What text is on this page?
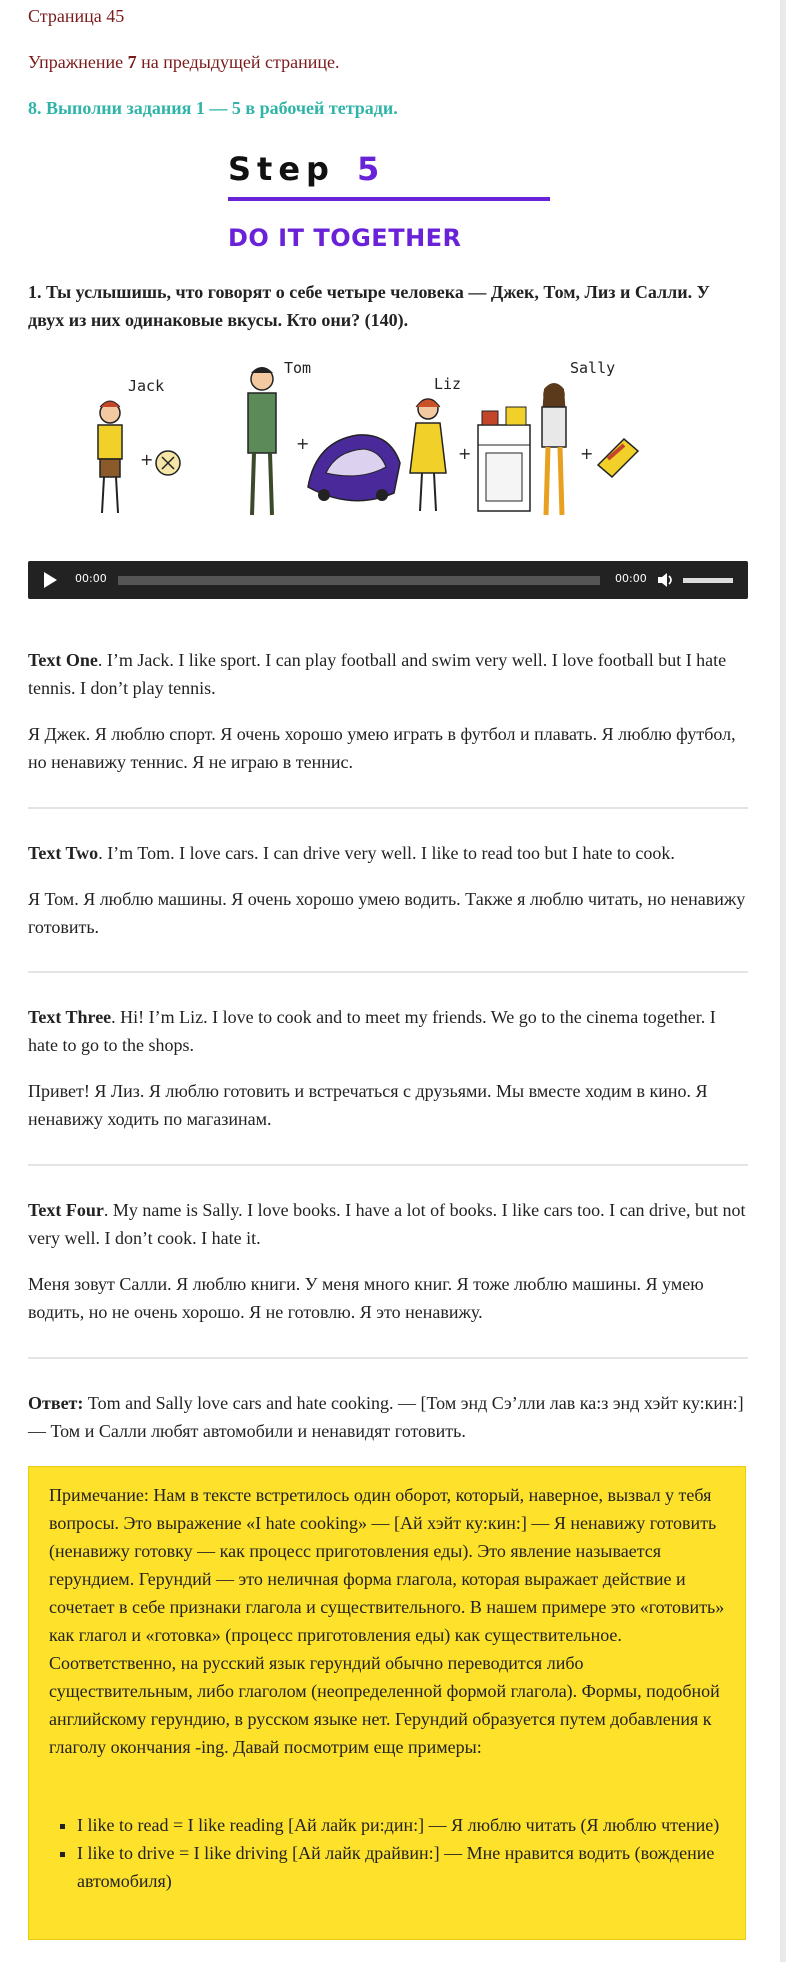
Страница 45

Упражнение 7 на предыдущей странице.

8. Выполни задания 1 — 5 в рабочей тетради.

Step 5
DO IT TOGETHER

1. Ты услышишь, что говорят о себе четыре человека — Джек, Том, Лиз и Салли. У двух из них одинаковые вкусы. Кто они? (140).

Jack
+
Tom
+
Liz
+
Sally
+
00:00	00:00

Text One. I’m Jack. I like sport. I can play football and swim very well. I love football but I hate tennis. I don’t play tennis.

Я Джек. Я люблю спорт. Я очень хорошо умею играть в футбол и плавать. Я люблю футбол, но ненавижу теннис. Я не играю в теннис.

Text Two. I’m Tom. I love cars. I can drive very well. I like to read too but I hate to cook.

Я Том. Я люблю машины. Я очень хорошо умею водить. Также я люблю читать, но ненавижу готовить.

Text Three. Hi! I’m Liz. I love to cook and to meet my friends. We go to the cinema together. I hate to go to the shops.

Привет! Я Лиз. Я люблю готовить и встречаться с друзьями. Мы вместе ходим в кино. Я ненавижу ходить по магазинам.

Text Four. My name is Sally. I love books. I have a lot of books. I like cars too. I can drive, but not very well. I don’t cook. I hate it.

Меня зовут Салли. Я люблю книги. У меня много книг. Я тоже люблю машины. Я умею водить, но не очень хорошо. Я не готовлю. Я это ненавижу.

Ответ: Tom and Sally love cars and hate cooking. — [Том энд Сэ’лли лав ка:з энд хэйт ку:кин:] — Том и Салли любят автомобили и ненавидят готовить.

Примечание: Нам в тексте встретилось один оборот, который, наверное, вызвал у тебя вопросы. Это выражение «I hate cooking» — [Ай хэйт ку:кин:] — Я ненавижу готовить (ненавижу готовку — как процесс приготовления еды). Это явление называется герундием. Герундий — это неличная форма глагола, которая выражает действие и сочетает в себе признаки глагола и существительного. В нашем примере это «готовить» как глагол и «готовка» (процесс приготовления еды) как существительное. Соответственно, на русский язык герундий обычно переводится либо существительным, либо глаголом (неопределенной формой глагола). Формы, подобной английскому герундию, в русском языке нет. Герундий образуется путем добавления к глаголу окончания -ing. Давай посмотрим еще примеры:

▪ I like to read = I like reading [Ай лайк ри:дин:] — Я люблю читать (Я люблю чтение)
▪ I like to drive = I like driving [Ай лайк драйвин:] — Мне нравится водить (вождение автомобиля)
